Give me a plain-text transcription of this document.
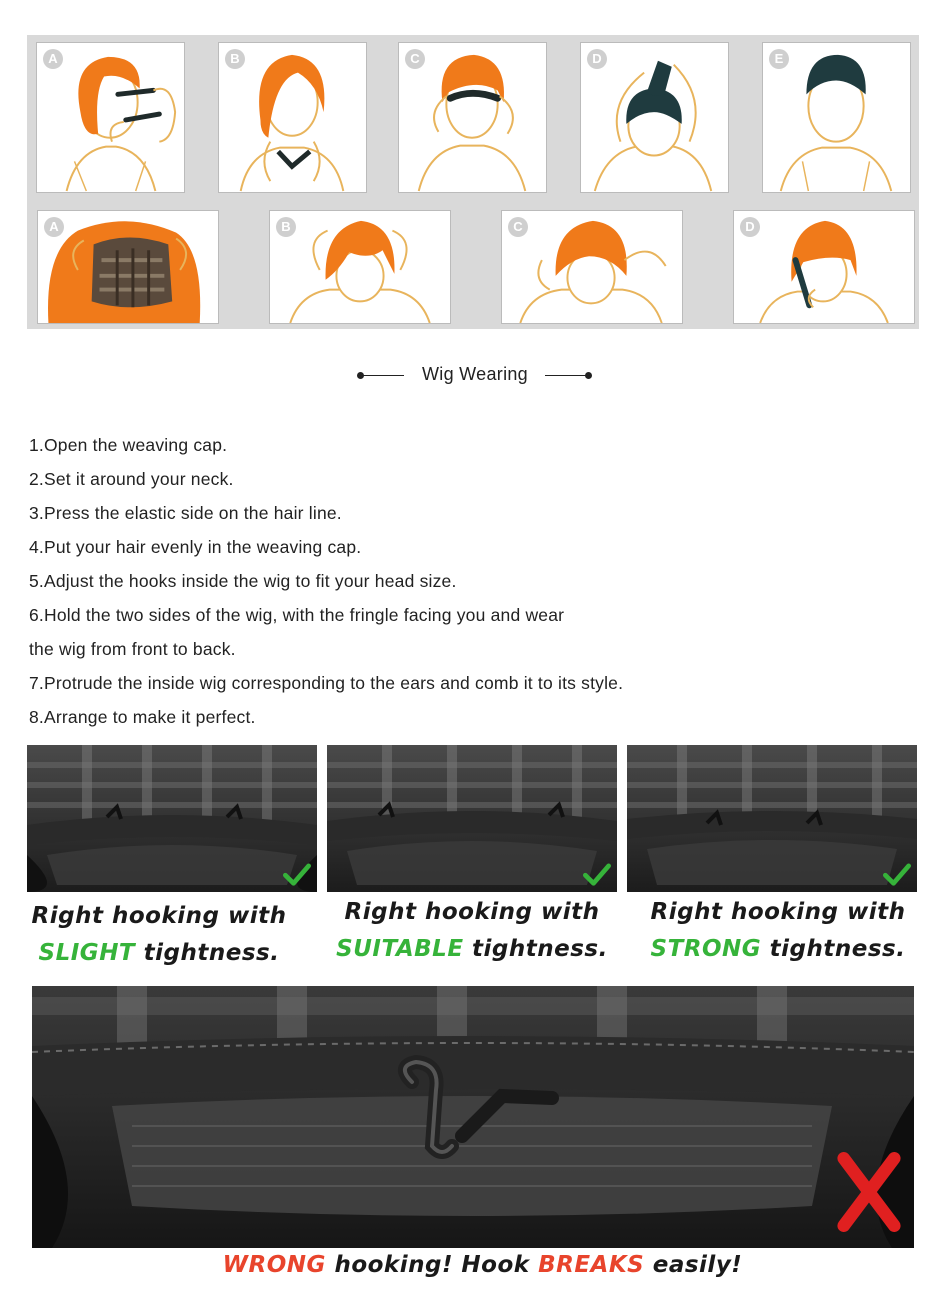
A	B	C	D	E
A	B	C	D
Wig Wearing
1.Open the weaving cap.
2.Set it around your neck.
3.Press the elastic side on the hair line.
4.Put your hair evenly in the weaving cap.
5.Adjust the hooks inside the wig to fit your head size.
6.Hold the two sides of the wig, with the fringle facing you and wear
the wig from front to back.
7.Protrude the inside wig corresponding to the ears and comb it to its style.
8.Arrange to make it perfect.
Right hooking with
SLIGHT tightness.
Right hooking with
SUITABLE tightness.
Right hooking with
STRONG tightness.
WRONG hooking! Hook BREAKS easily!
